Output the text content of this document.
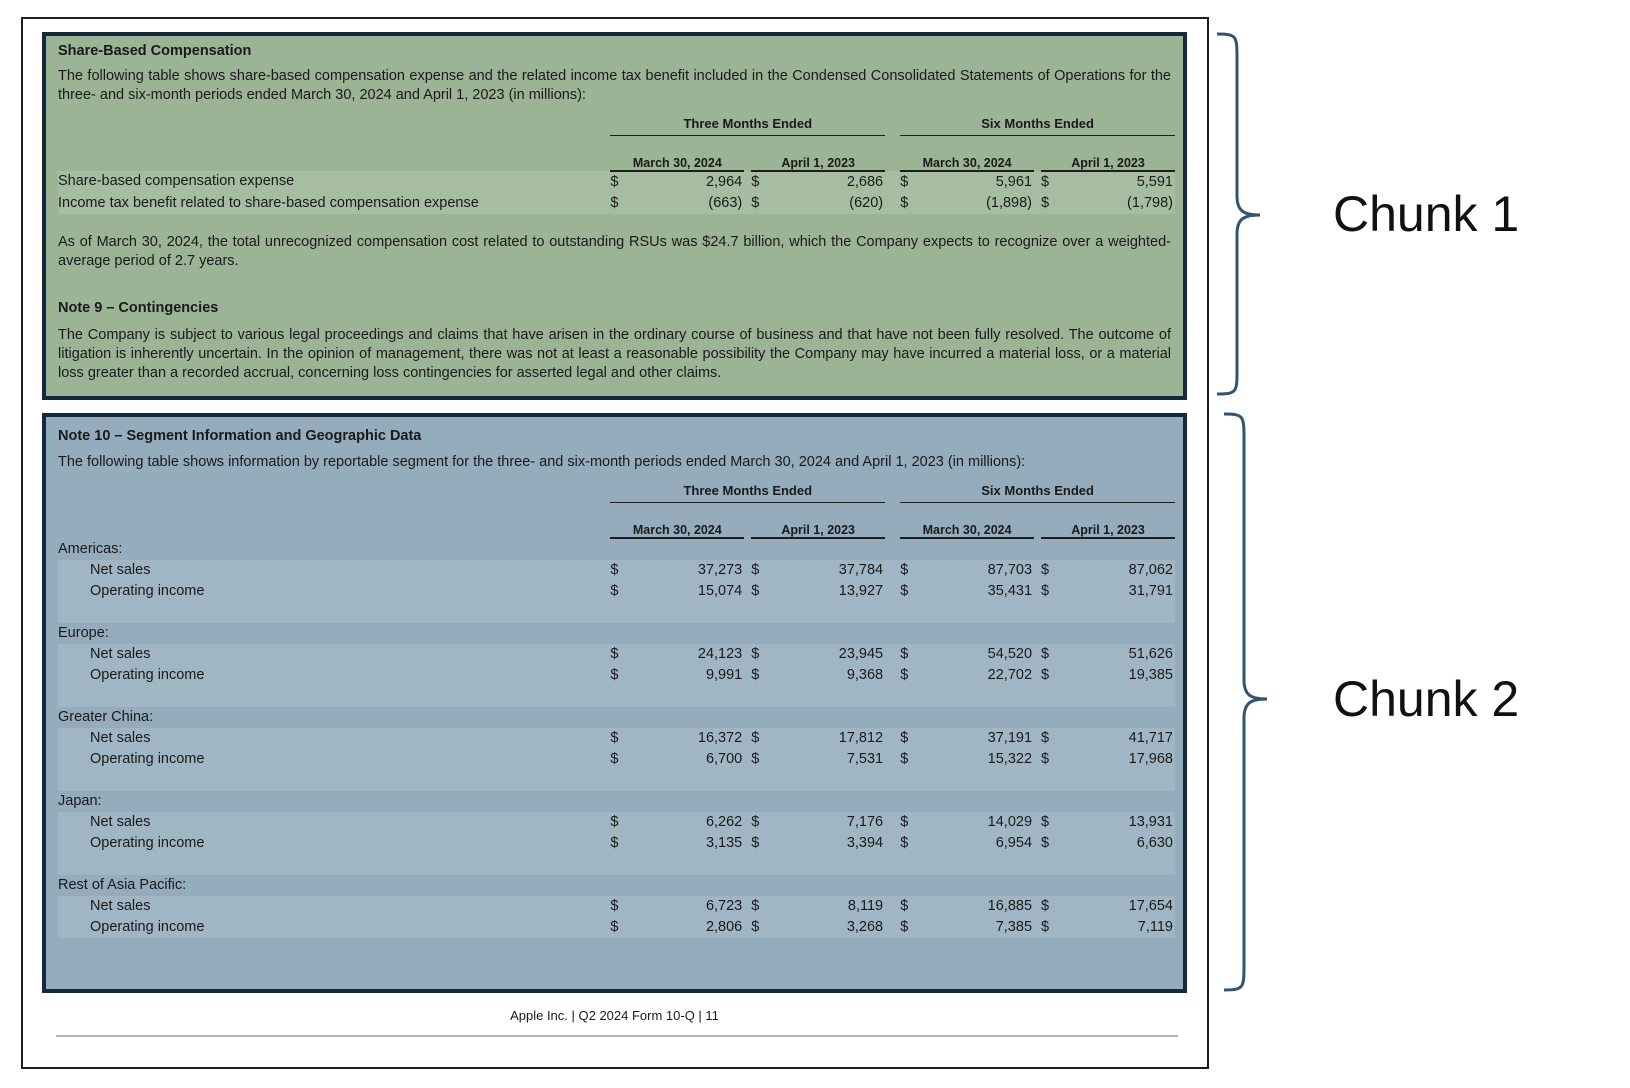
Share-Based Compensation

The following table shows share-based compensation expense and the related income tax benefit included in the Condensed Consolidated Statements of Operations for the three- and six-month periods ended March 30, 2024 and April 1, 2023 (in millions):

	Three Months Ended						Six Months Ended				
	March 30, 2024			April 1, 2023			March 30, 2024			April 1, 2023	
Share-based compensation expense	$	2,964		$	2,686		$	5,961		$	5,591
Income tax benefit related to share-based compensation expense	$	(663)		$	(620)		$	(1,898)		$	(1,798)

As of March 30, 2024, the total unrecognized compensation cost related to outstanding RSUs was $24.7 billion, which the Company expects to recognize over a weighted-average period of 2.7 years.

Note 9 – Contingencies

The Company is subject to various legal proceedings and claims that have arisen in the ordinary course of business and that have not been fully resolved. The outcome of litigation is inherently uncertain. In the opinion of management, there was not at least a reasonable possibility the Company may have incurred a material loss, or a material loss greater than a recorded accrual, concerning loss contingencies for asserted legal and other claims.

Note 10 – Segment Information and Geographic Data

The following table shows information by reportable segment for the three- and six-month periods ended March 30, 2024 and April 1, 2023 (in millions):

	Three Months Ended						Six Months Ended				
	March 30, 2024			April 1, 2023			March 30, 2024			April 1, 2023	
Americas:											
Net sales	$	37,273		$	37,784		$	87,703		$	87,062
Operating income	$	15,074		$	13,927		$	35,431		$	31,791

Europe:											
Net sales	$	24,123		$	23,945		$	54,520		$	51,626
Operating income	$	9,991		$	9,368		$	22,702		$	19,385

Greater China:											
Net sales	$	16,372		$	17,812		$	37,191		$	41,717
Operating income	$	6,700		$	7,531		$	15,322		$	17,968

Japan:											
Net sales	$	6,262		$	7,176		$	14,029		$	13,931
Operating income	$	3,135		$	3,394		$	6,954		$	6,630

Rest of Asia Pacific:											
Net sales	$	6,723		$	8,119		$	16,885		$	17,654
Operating income	$	2,806		$	3,268		$	7,385		$	7,119
Chunk 1
Chunk 2
Apple Inc. | Q2 2024 Form 10-Q | 11
